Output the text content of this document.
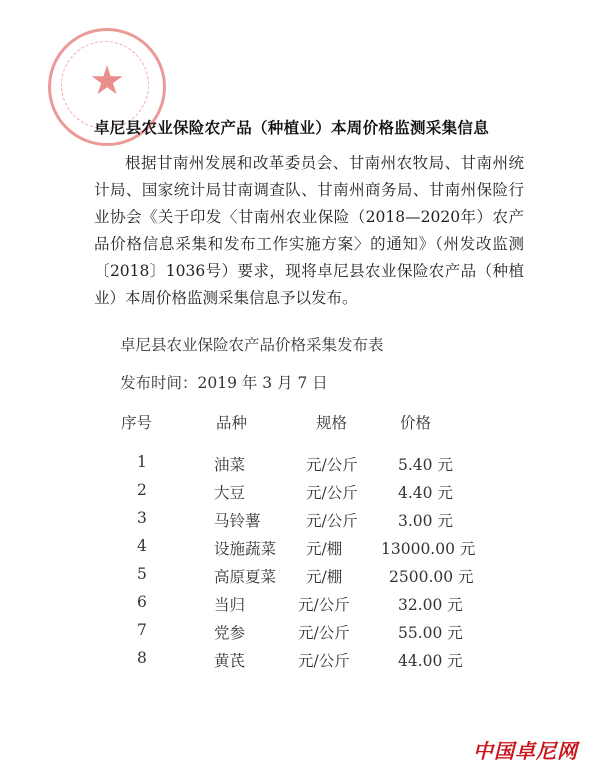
★
卓尼县农业保险农产品（种植业）本周价格监测采集信息

根据甘南州发展和改革委员会、甘南州农牧局、甘南州统计局、国家统计局甘南调查队、甘南州商务局、甘南州保险行业协会《关于印发〈甘南州农业保险（2018—2020年）农产品价格信息采集和发布工作实施方案〉的通知》（州发改监测〔2018〕1036号）要求，现将卓尼县农业保险农产品（种植业）本周价格监测采集信息予以发布。

卓尼县农业保险农产品价格采集发布表
发布时间：2019 年 3 月 7 日
序号	品种	规格	价格
1	油菜	元/公斤	5.40 元
2	大豆	元/公斤	4.40 元
3	马铃薯	元/公斤	3.00 元
4	设施蔬菜 元/棚	13000.00 元
5	高原夏菜 元/棚	2500.00 元
6	当归	元/公斤	32.00 元
7	党参	元/公斤	55.00 元
8	黄芪	元/公斤	44.00 元
中国卓尼网
